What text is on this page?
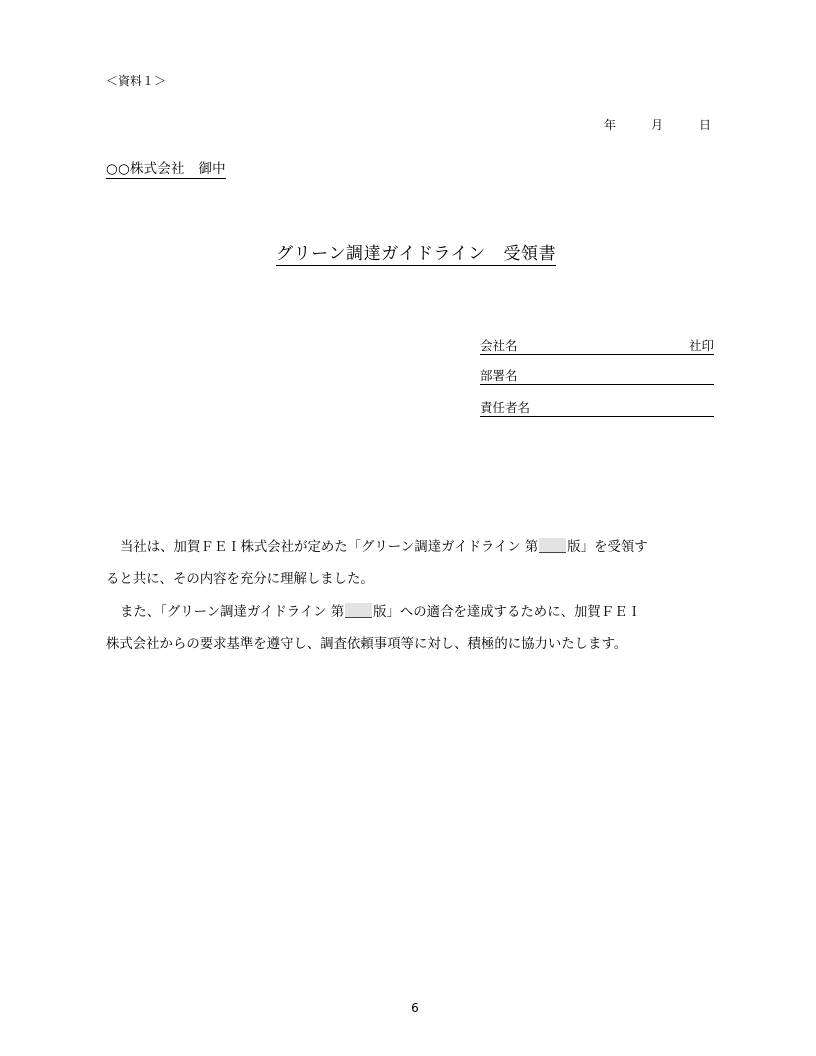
＜資料１＞
年	月	日
○○株式会社　御中
グリーン調達ガイドライン　受領書
会社名	社印
部署名
責任者名
当社は、加賀ＦＥＩ株式会社が定めた「グリーン調達ガイドライン 第 版」を受領す
ると共に、その内容を充分に理解しました。
また、「グリーン調達ガイドライン 第 版」への適合を達成するために、加賀ＦＥＩ
株式会社からの要求基準を遵守し、調査依頼事項等に対し、積極的に協力いたします。
6
